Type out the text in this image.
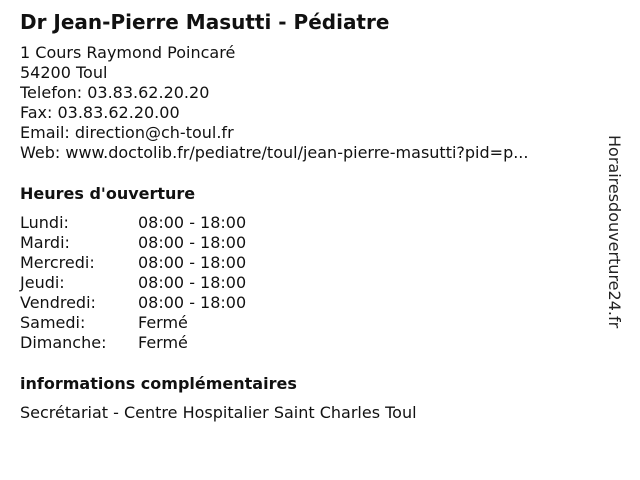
Dr Jean-Pierre Masutti - Pédiatre
1 Cours Raymond Poincaré
54200 Toul
Telefon: 03.83.62.20.20
Fax: 03.83.62.20.00
Email: direction@ch-toul.fr
Web: www.doctolib.fr/pediatre/toul/jean-pierre-masutti?pid=p...
Heures d'ouverture
Lundi:	08:00 - 18:00
Mardi:	08:00 - 18:00
Mercredi:	08:00 - 18:00
Jeudi:	08:00 - 18:00
Vendredi:	08:00 - 18:00
Samedi:	Fermé
Dimanche:	Fermé
informations complémentaires
Secrétariat - Centre Hospitalier Saint Charles Toul
Horairesdouverture24.fr
